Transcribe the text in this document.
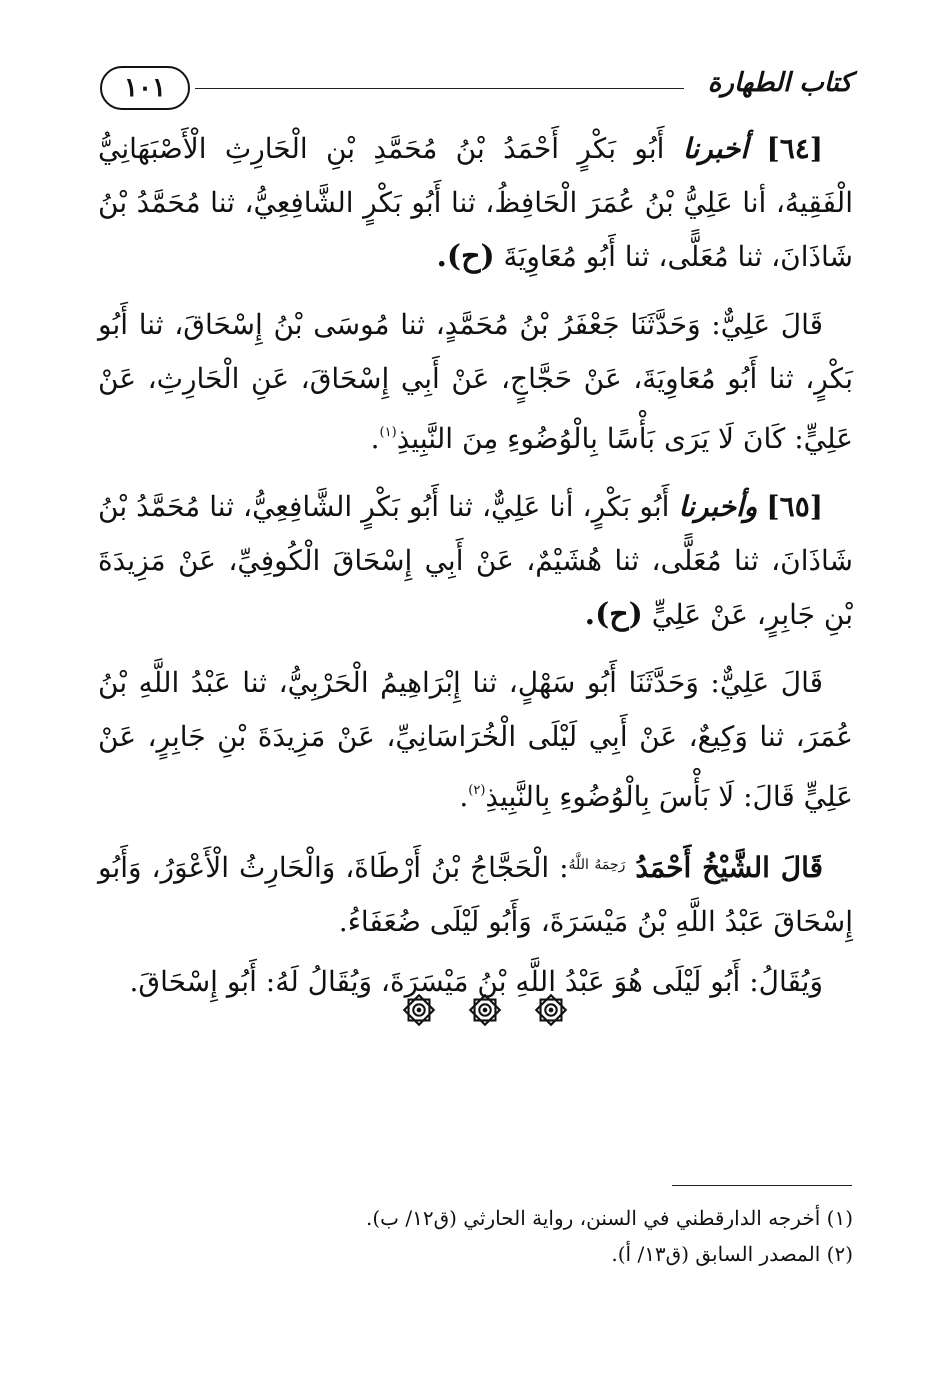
كتاب الطهارة
١٠١

[٦٤] أخبرنا أَبُو بَكْرٍ أَحْمَدُ بْنُ مُحَمَّدِ بْنِ الْحَارِثِ الْأَصْبَهَانِيُّ الْفَقِيهُ، أنا عَلِيُّ بْنُ عُمَرَ الْحَافِظُ، ثنا أَبُو بَكْرٍ الشَّافِعِيُّ، ثنا مُحَمَّدُ بْنُ شَاذَانَ، ثنا مُعَلًّى، ثنا أَبُو مُعَاوِيَةَ (ح).

قَالَ عَلِيٌّ: وَحَدَّثَنَا جَعْفَرُ بْنُ مُحَمَّدٍ، ثنا مُوسَى بْنُ إِسْحَاقَ، ثنا أَبُو بَكْرٍ، ثنا أَبُو مُعَاوِيَةَ، عَنْ حَجَّاجٍ، عَنْ أَبِي إِسْحَاقَ، عَنِ الْحَارِثِ، عَنْ عَلِيٍّ: كَانَ لَا يَرَى بَأْسًا بِالْوُضُوءِ مِنَ النَّبِيذِ$^{(١)}$.

[٦٥] وأخبرنا أَبُو بَكْرٍ، أنا عَلِيٌّ، ثنا أَبُو بَكْرٍ الشَّافِعِيُّ، ثنا مُحَمَّدُ بْنُ شَاذَانَ، ثنا مُعَلًّى، ثنا هُشَيْمٌ، عَنْ أَبِي إِسْحَاقَ الْكُوفِيِّ، عَنْ مَزِيدَةَ بْنِ جَابِرٍ، عَنْ عَلِيٍّ (ح).

قَالَ عَلِيٌّ: وَحَدَّثَنَا أَبُو سَهْلٍ، ثنا إِبْرَاهِيمُ الْحَرْبِيُّ، ثنا عَبْدُ اللَّهِ بْنُ عُمَرَ، ثنا وَكِيعٌ، عَنْ أَبِي لَيْلَى الْخُرَاسَانِيِّ، عَنْ مَزِيدَةَ بْنِ جَابِرٍ، عَنْ عَلِيٍّ قَالَ: لَا بَأْسَ بِالْوُضُوءِ بِالنَّبِيذِ$^{(٢)}$.

قَالَ الشَّيْخُ أَحْمَدُ $^{رَحِمَهُ اللَّهُ}$: الْحَجَّاجُ بْنُ أَرْطَاةَ، وَالْحَارِثُ الْأَعْوَرُ، وَأَبُو إِسْحَاقَ عَبْدُ اللَّهِ بْنُ مَيْسَرَةَ، وَأَبُو لَيْلَى ضُعَفَاءُ.

وَيُقَالُ: أَبُو لَيْلَى هُوَ عَبْدُ اللَّهِ بْنُ مَيْسَرَةَ، وَيُقَالُ لَهُ: أَبُو إِسْحَاقَ.

(١) أخرجه الدارقطني في السنن، رواية الحارثي (ق١٢/ ب).

(٢) المصدر السابق (ق١٣/ أ).
